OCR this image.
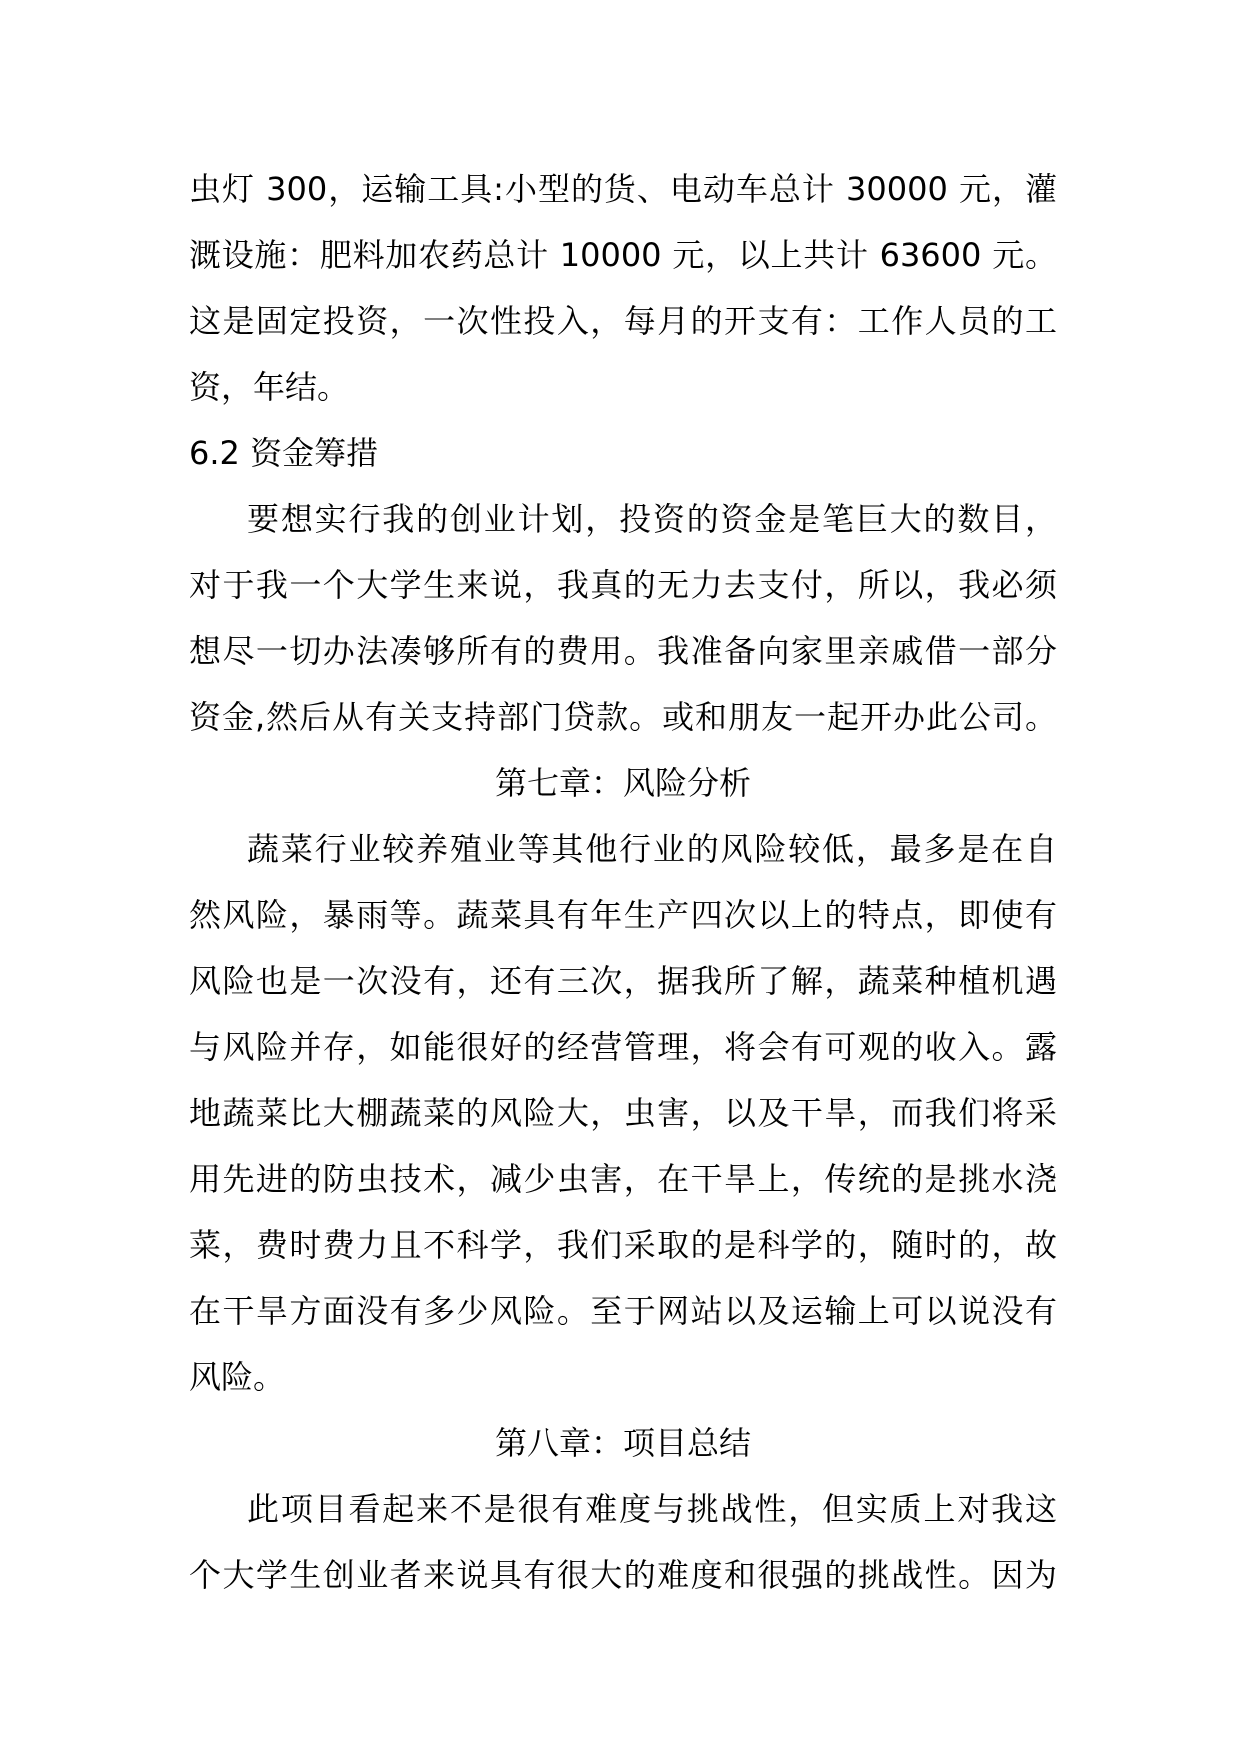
虫灯 300，运输工具:小型的货、电动车总计 30000 元，灌
溉设施：肥料加农药总计 10000 元，以上共计 63600 元。
这是固定投资，一次性投入，每月的开支有：工作人员的工
资，年结。
6.2 资金筹措
要想实行我的创业计划，投资的资金是笔巨大的数目，
对于我一个大学生来说，我真的无力去支付，所以，我必须
想尽一切办法凑够所有的费用。我准备向家里亲戚借一部分
资金,然后从有关支持部门贷款。或和朋友一起开办此公司。
第七章：风险分析
蔬菜行业较养殖业等其他行业的风险较低，最多是在自
然风险，暴雨等。蔬菜具有年生产四次以上的特点，即使有
风险也是一次没有，还有三次，据我所了解，蔬菜种植机遇
与风险并存，如能很好的经营管理，将会有可观的收入。露
地蔬菜比大棚蔬菜的风险大，虫害，以及干旱，而我们将采
用先进的防虫技术，减少虫害，在干旱上，传统的是挑水浇
菜，费时费力且不科学，我们采取的是科学的，随时的，故
在干旱方面没有多少风险。至于网站以及运输上可以说没有
风险。
第八章：项目总结
此项目看起来不是很有难度与挑战性，但实质上对我这
个大学生创业者来说具有很大的难度和很强的挑战性。因为
